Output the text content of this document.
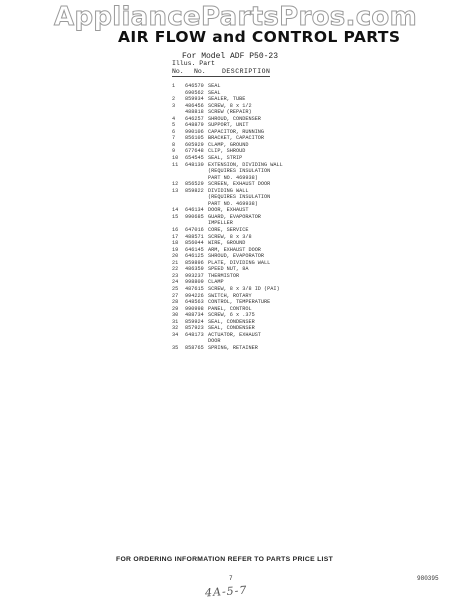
AppliancePartsPros.com
AIR FLOW and CONTROL PARTS
For Model ADF P50-23
Illus. Part
No. No.	DESCRIPTION
1	646570 SEAL
690562 SEAL
2	859934 SEALER, TUBE
3	486456 SCREW, 8 x 1/2
488818 SCREW (REPAIR)
4	646257 SHROUD, CONDENSER
5	648879 SUPPORT, UNIT
6	990106 CAPACITOR, RUNNING
7	856105 BRACKET, CAPACITOR
8	605929 CLAMP, GROUND
9	677648 CLIP, SHROUD
10	654545 SEAL, STRIP
11	648130 EXTENSION, DIVIDING WALL
(REQUIRES INSULATION
PART NO. 469938)
12	856529 SCREEN, EXHAUST DOOR
13	859822 DIVIDING WALL
(REQUIRES INSULATION
PART NO. 469938)
14	646134 DOOR, EXHAUST
15	990685 GUARD, EVAPORATOR
IMPELLER
16	647016 CORE, SERVICE
17	488571 SCREW, 8 x 3/8
18	856044 WIRE, GROUND
19	646145 ARM, EXHAUST DOOR
20	646125 SHROUD, EVAPORATOR
21	859896 PLATE, DIVIDING WALL
22	486359 SPEED NUT, 8A
23	993237 THERMISTOR
24	998809 CLAMP
25	487615 SCREW, 8 x 3/8 ID (PAI)
27	994226 SWITCH, ROTARY
28	648563 CONTROL, TEMPERATURE
29	990998 PANEL, CONTROL
30	488734 SCREW, 6 x .375
31	859924 SEAL, CONDENSER
32	857923 SEAL, CONDENSER
34	648173 ACTUATOR, EXHAUST
DOOR
35	858765 SPRING, RETAINER
FOR ORDERING INFORMATION REFER TO PARTS PRICE LIST
7	980395
4A-5-7
